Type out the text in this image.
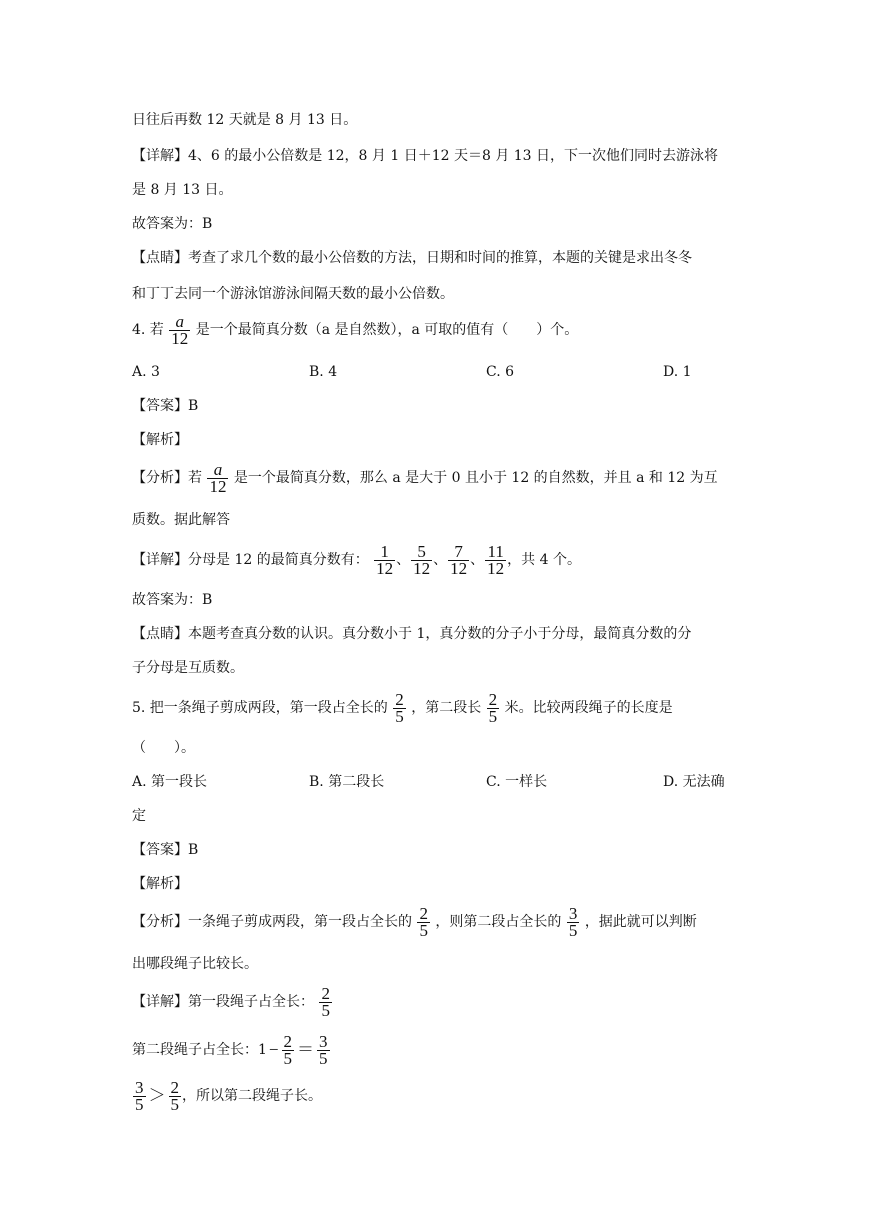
日往后再数 12 天就是 8 月 13 日。
【详解】4、6 的最小公倍数是 12，8 月 1 日＋12 天＝8 月 13 日，下一次他们同时去游泳将
是 8 月 13 日。
故答案为：B
【点睛】考查了求几个数的最小公倍数的方法，日期和时间的推算，本题的关键是求出冬冬
和丁丁去同一个游泳馆游泳间隔天数的最小公倍数。
4. 若 $\frac{a}{12}$ 是一个最简真分数（a 是自然数），a 可取的值有（　　）个。
A. 3	B. 4	C. 6	D. 1
【答案】B
【解析】
【分析】若 $\frac{a}{12}$ 是一个最简真分数，那么 a 是大于 0 且小于 12 的自然数，并且 a 和 12 为互
质数。据此解答
【详解】分母是 12 的最简真分数有： $\frac{1}{12}$ 、 $\frac{5}{12}$ 、 $\frac{7}{12}$ 、 $\frac{11}{12}$ ，共 4 个。
故答案为：B
【点睛】本题考查真分数的认识。真分数小于 1，真分数的分子小于分母，最简真分数的分
子分母是互质数。
5. 把一条绳子剪成两段，第一段占全长的 $\frac{2}{5}$ ，第二段长 $\frac{2}{5}$ 米。比较两段绳子的长度是
（　　）。
A. 第一段长	B. 第二段长	C. 一样长	D. 无法确
定
【答案】B
【解析】
【分析】一条绳子剪成两段，第一段占全长的 $\frac{2}{5}$ ，则第二段占全长的 $\frac{3}{5}$ ，据此就可以判断
出哪段绳子比较长。
【详解】第一段绳子占全长： $\frac{2}{5}$
第二段绳子占全长：$1 - \frac{2}{5} = \frac{3}{5}$
$\frac{3}{5} > \frac{2}{5}$ ，所以第二段绳子长。
